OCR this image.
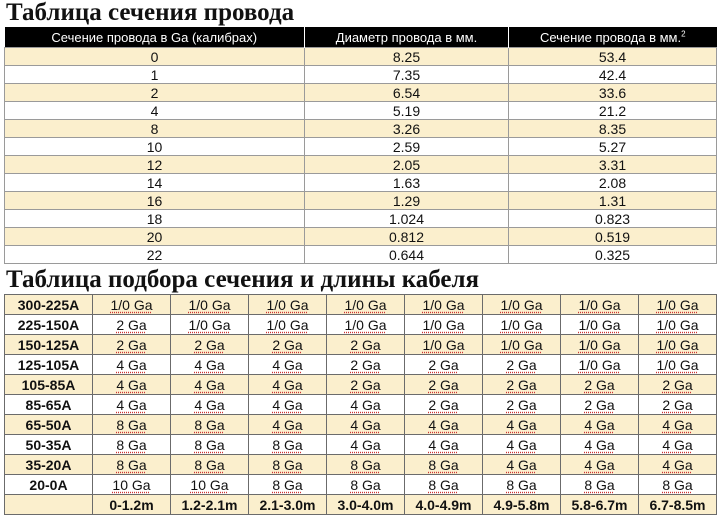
Таблица сечения провода
Сечение провода в Ga (калибрах)	Диаметр провода в мм.	Сечение провода в мм.$^2$
0	8.25	53.4
1	7.35	42.4
2	6.54	33.6
4	5.19	21.2
8	3.26	8.35
10	2.59	5.27
12	2.05	3.31
14	1.63	2.08
16	1.29	1.31
18	1.024	0.823
20	0.812	0.519
22	0.644	0.325
Таблица подбора сечения и длины кабеля
300-225A	1/0 Ga	1/0 Ga	1/0 Ga	1/0 Ga	1/0 Ga	1/0 Ga	1/0 Ga	1/0 Ga
225-150A	2 Ga	1/0 Ga	1/0 Ga	1/0 Ga	1/0 Ga	1/0 Ga	1/0 Ga	1/0 Ga
150-125A	2 Ga	2 Ga	2 Ga	2 Ga	1/0 Ga	1/0 Ga	1/0 Ga	1/0 Ga
125-105A	4 Ga	4 Ga	4 Ga	2 Ga	2 Ga	2 Ga	1/0 Ga	1/0 Ga
105-85A	4 Ga	4 Ga	4 Ga	2 Ga	2 Ga	2 Ga	2 Ga	2 Ga
85-65A	4 Ga	4 Ga	4 Ga	4 Ga	2 Ga	2 Ga	2 Ga	2 Ga
65-50A	8 Ga	8 Ga	4 Ga	4 Ga	4 Ga	4 Ga	4 Ga	4 Ga
50-35A	8 Ga	8 Ga	8 Ga	4 Ga	4 Ga	4 Ga	4 Ga	4 Ga
35-20A	8 Ga	8 Ga	8 Ga	8 Ga	8 Ga	4 Ga	4 Ga	4 Ga
20-0A	10 Ga	10 Ga	8 Ga	8 Ga	8 Ga	8 Ga	8 Ga	8 Ga
	0-1.2m	1.2-2.1m	2.1-3.0m	3.0-4.0m	4.0-4.9m	4.9-5.8m	5.8-6.7m	6.7-8.5m
